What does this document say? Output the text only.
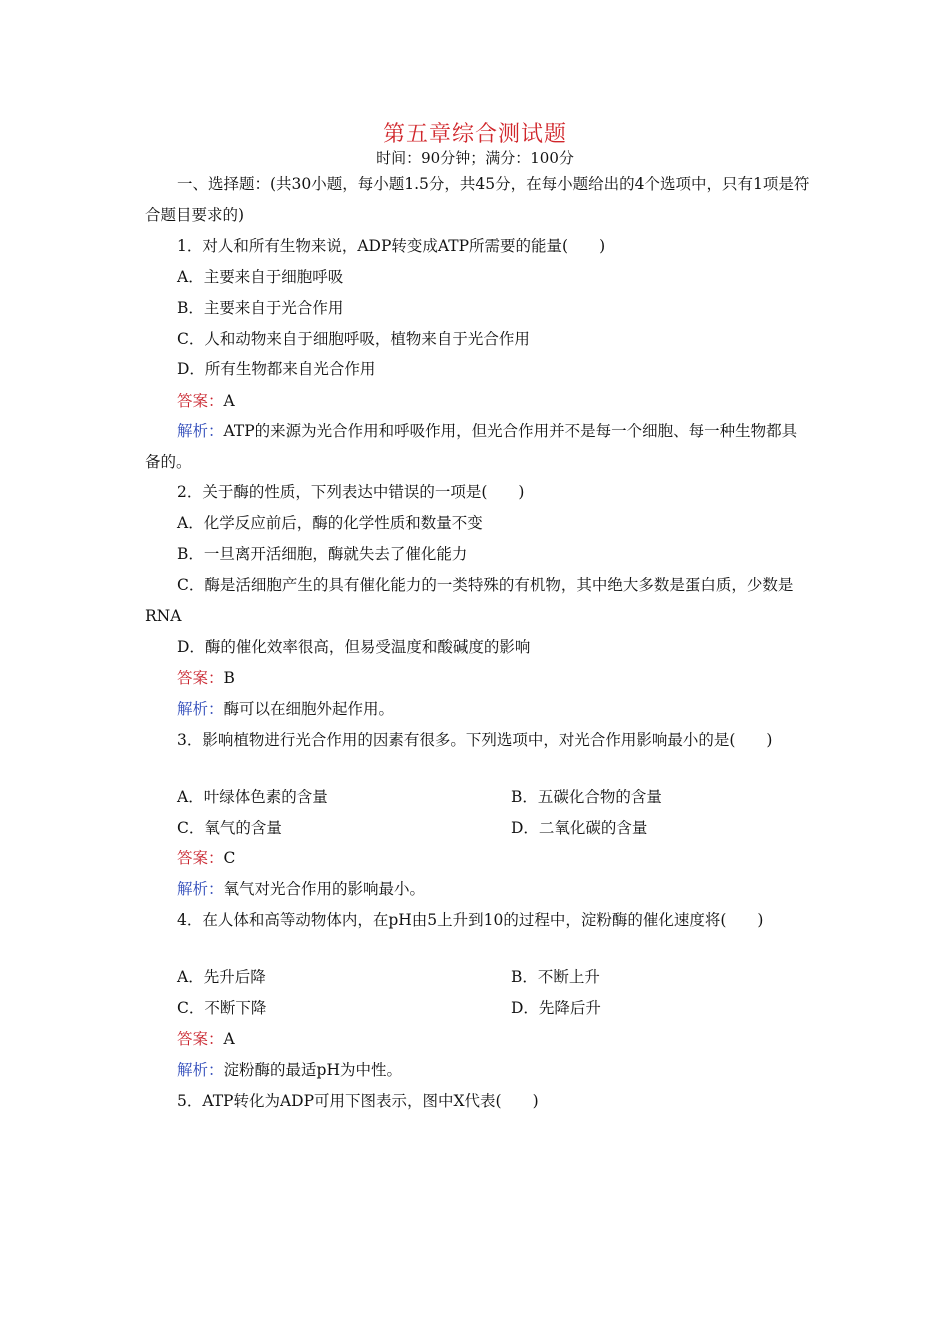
第五章综合测试题
时间：90分钟；满分：100分
一、选择题：(共30小题，每小题1.5分，共45分，在每小题给出的4个选项中，只有1项是符合题目要求的)
1．对人和所有生物来说，ADP转变成ATP所需要的能量(　　)
A．主要来自于细胞呼吸
B．主要来自于光合作用
C．人和动物来自于细胞呼吸，植物来自于光合作用
D．所有生物都来自光合作用
答案：A
解析：ATP的来源为光合作用和呼吸作用，但光合作用并不是每一个细胞、每一种生物都具备的。
2．关于酶的性质，下列表达中错误的一项是(　　)
A．化学反应前后，酶的化学性质和数量不变
B．一旦离开活细胞，酶就失去了催化能力
C．酶是活细胞产生的具有催化能力的一类特殊的有机物，其中绝大多数是蛋白质，少数是RNA
D．酶的催化效率很高，但易受温度和酸碱度的影响
答案：B
解析：酶可以在细胞外起作用。
3．影响植物进行光合作用的因素有很多。下列选项中，对光合作用影响最小的是(　　)
A．叶绿体色素的含量	B．五碳化合物的含量
C．氧气的含量	D．二氧化碳的含量
答案：C
解析：氧气对光合作用的影响最小。
4．在人体和高等动物体内，在pH由5上升到10的过程中，淀粉酶的催化速度将(　　)
A．先升后降	B．不断上升
C．不断下降	D．先降后升
答案：A
解析：淀粉酶的最适pH为中性。
5．ATP转化为ADP可用下图表示，图中X代表(　　)
